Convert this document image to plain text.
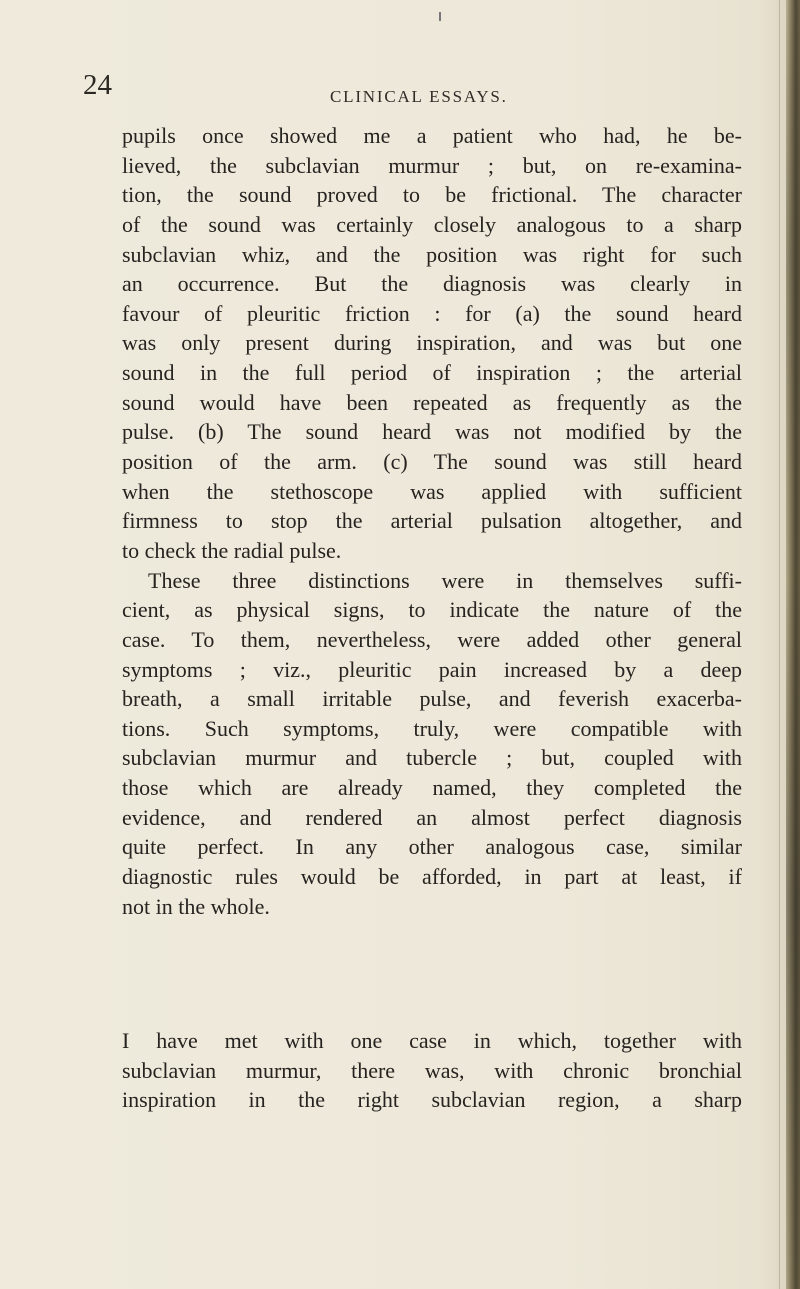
24	CLINICAL ESSAYS.
pupils once showed me a patient who had, he be-
lieved, the subclavian murmur ; but, on re-examina-
tion, the sound proved to be frictional. The character
of the sound was certainly closely analogous to a sharp
subclavian whiz, and the position was right for such
an occurrence. But the diagnosis was clearly in
favour of pleuritic friction : for (a) the sound heard
was only present during inspiration, and was but one
sound in the full period of inspiration ; the arterial
sound would have been repeated as frequently as the
pulse. (b) The sound heard was not modified by the
position of the arm. (c) The sound was still heard
when the stethoscope was applied with sufficient
firmness to stop the arterial pulsation altogether, and
to check the radial pulse.
These three distinctions were in themselves suffi-
cient, as physical signs, to indicate the nature of the
case. To them, nevertheless, were added other general
symptoms ; viz., pleuritic pain increased by a deep
breath, a small irritable pulse, and feverish exacerba-
tions. Such symptoms, truly, were compatible with
subclavian murmur and tubercle ; but, coupled with
those which are already named, they completed the
evidence, and rendered an almost perfect diagnosis
quite perfect. In any other analogous case, similar
diagnostic rules would be afforded, in part at least, if
not in the whole.
I have met with one case in which, together with
subclavian murmur, there was, with chronic bronchial
inspiration in the right subclavian region, a sharp
